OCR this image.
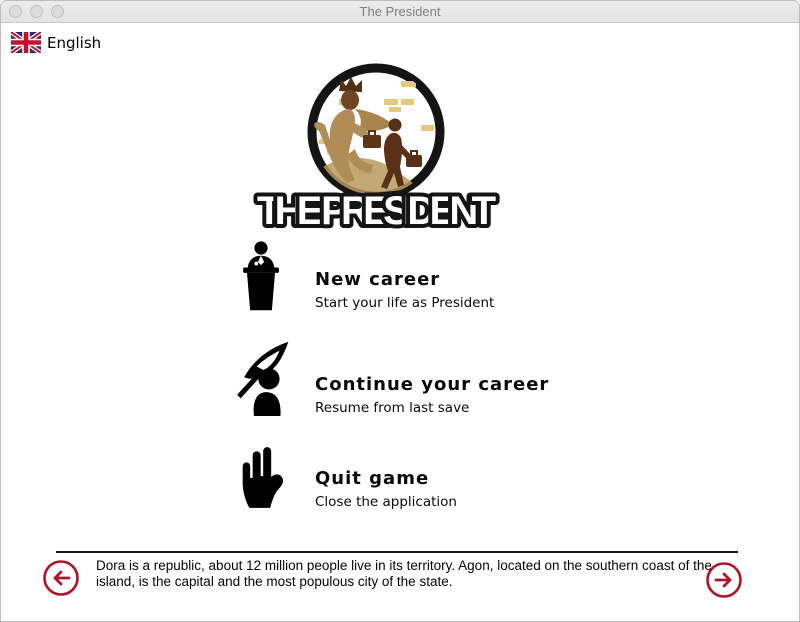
The President
English
THE PRESIDENT
New career
Start your life as President
Continue your career
Resume from last save
Quit game
Close the application
Dora is a republic, about 12 million people live in its territory. Agon, located on the southern coast of the island, is the capital and the most populous city of the state.
